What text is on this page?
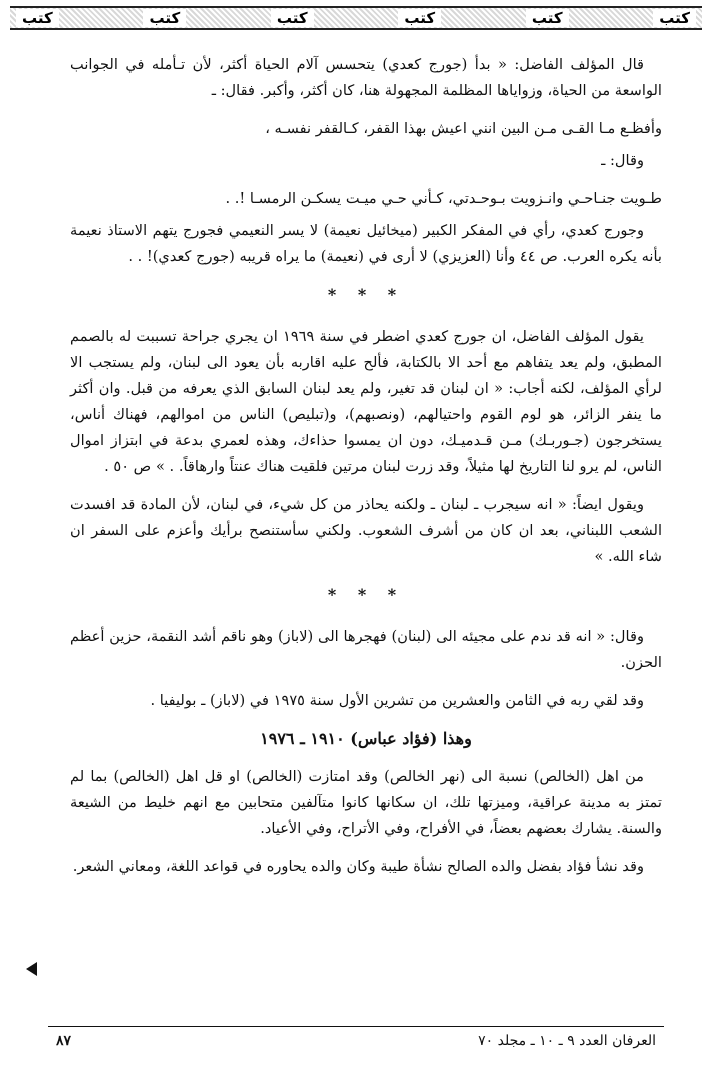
كتب
كتب
كتب
كتب
كتب
كتب

قال المؤلف الفاضل: « بدأ (جورج كعدي) يتحسس آلام الحياة أكثر، لأن تـأمله في الجوانب الواسعة من الحياة، وزواياها المظلمة المجهولة هنا، كان أكثر، وأكبر. فقال: ـ

وأفظـع مـا القـى مـن البين انني اعيش بهذا القفر، كـالقفر نفسـه ،

وقال: ـ

طـويت جنـاحـي وانـزويت بـوحـدتي، كـأني حـي ميـت يسكـن الرمسـا !. .

وجورج كعدي، رأي في المفكر الكبير (ميخائيل نعيمة) لا يسر النعيمي فجورج يتهم الاستاذ نعيمة بأنه يكره العرب. ص ٤٤ وأنا (العزيزي) لا أرى في (نعيمة) ما يراه قريبه (جورج كعدي)! . .

* * *

يقول المؤلف الفاضل، ان جورج كعدي اضطر في سنة ١٩٦٩ ان يجري جراحة تسببت له بالصمم المطبق، ولم يعد يتفاهم مع أحد الا بالكتابة، فألح عليه اقاربه بأن يعود الى لبنان، ولم يستجب الا لرأي المؤلف، لكنه أجاب: « ان لبنان قد تغير، ولم يعد لبنان السابق الذي يعرفه من قبل. وان أكثر ما ينفر الزائر، هو لوم القوم واحتيالهم، (ونصبهم)، و(تبليص) الناس من اموالهم، فهناك أناس، يستخرجون (جـوربـك) مـن قـدميـك، دون ان يمسوا حذاءك، وهذه لعمري بدعة في ابتزاز اموال الناس، لم يرو لنا التاريخ لها مثيلاً، وقد زرت لبنان مرتين فلقيت هناك عنتاً وارهاقاً. . » ص ٥٠ .

ويقول ايضاً: « انه سيجرب ـ لبنان ـ ولكنه يحاذر من كل شيء، في لبنان، لأن المادة قد افسدت الشعب اللبناني، بعد ان كان من أشرف الشعوب. ولكني سأستنصح برأيك وأعزم على السفر ان شاء الله. »

* * *

وقال: « انه قد ندم على مجيئه الى (لبنان) فهجرها الى (لاباز) وهو ناقم أشد النقمة، حزين أعظم الحزن.

وقد لقي ربه في الثامن والعشرين من تشرين الأول سنة ١٩٧٥ في (لاباز) ـ بوليفيا .

وهذا (فؤاد عباس) ١٩١٠ ـ ١٩٧٦

من اهل (الخالص) نسبة الى (نهر الخالص) وقد امتازت (الخالص) او قل اهل (الخالص) بما لم تمتز به مدينة عراقية، وميزتها تلك، ان سكانها كانوا متآلفين متحابين مع انهم خليط من الشيعة والسنة. يشارك بعضهم بعضاً، في الأفراح، وفي الأتراح، وفي الأعياد.

وقد نشأ فؤاد بفضل والده الصالح نشأة طيبة وكان والده يحاوره في قواعد اللغة، ومعاني الشعر.

العرفان العدد ٩ ـ ١٠ ـ مجلد ٧٠
٨٧
